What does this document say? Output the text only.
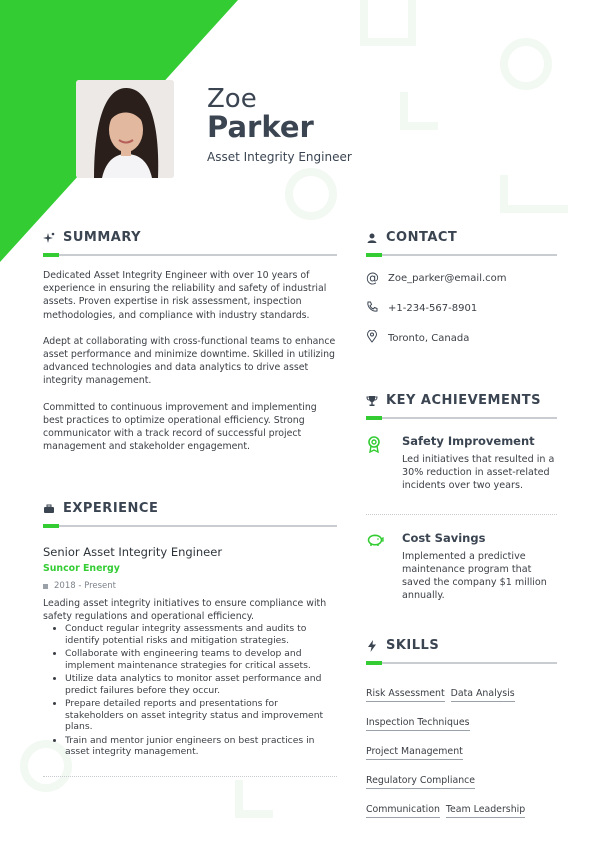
Zoe
Parker
Asset Integrity Engineer
SUMMARY

Dedicated Asset Integrity Engineer with over 10 years of experience in ensuring the reliability and safety of industrial assets. Proven expertise in risk assessment, inspection methodologies, and compliance with industry standards.

Adept at collaborating with cross-functional teams to enhance asset performance and minimize downtime. Skilled in utilizing advanced technologies and data analytics to drive asset integrity management.

Committed to continuous improvement and implementing best practices to optimize operational efficiency. Strong communicator with a track record of successful project management and stakeholder engagement.

EXPERIENCE
Senior Asset Integrity Engineer
Suncor Energy
2018 - Present
Leading asset integrity initiatives to ensure compliance with safety regulations and operational efficiency.
• Conduct regular integrity assessments and audits to identify potential risks and mitigation strategies.
• Collaborate with engineering teams to develop and implement maintenance strategies for critical assets.
• Utilize data analytics to monitor asset performance and predict failures before they occur.
• Prepare detailed reports and presentations for stakeholders on asset integrity status and improvement plans.
• Train and mentor junior engineers on best practices in asset integrity management.
CONTACT
@ Zoe_parker@email.com
+1-234-567-8901
Toronto, Canada
KEY ACHIEVEMENTS
Safety Improvement
Led initiatives that resulted in a 30% reduction in asset-related incidents over two years.
Cost Savings
Implemented a predictive maintenance program that saved the company $1 million annually.
SKILLS
Risk Assessment Data Analysis
Inspection Techniques
Project Management
Regulatory Compliance
Communication Team Leadership
